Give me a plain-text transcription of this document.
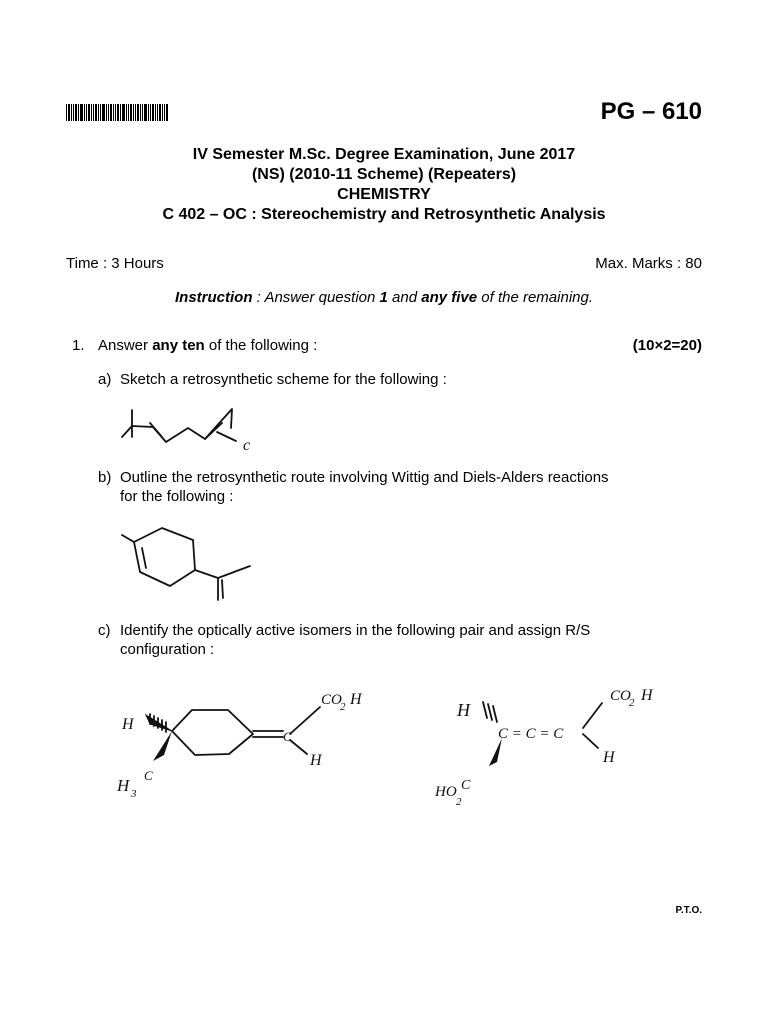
PG – 610
IV Semester M.Sc. Degree Examination, June 2017
(NS) (2010-11 Scheme) (Repeaters)
CHEMISTRY
C 402 – OC : Stereochemistry and Retrosynthetic Analysis
Time : 3 Hours	Max. Marks : 80
Instruction : Answer question 1 and any five of the remaining.
1. Answer any ten of the following :	(10×2=20)
a) Sketch a retrosynthetic scheme for the following :
b) Outline the retrosynthetic route involving Wittig and Diels-Alders reactions
for the following :
c) Identify the optically active isomers in the following pair and assign R/S
configuration :
c
H
H 3
C
CO
2 H
C
H
H
C = C = C
CO
2 H
H
HO
2
C
P.T.O.
